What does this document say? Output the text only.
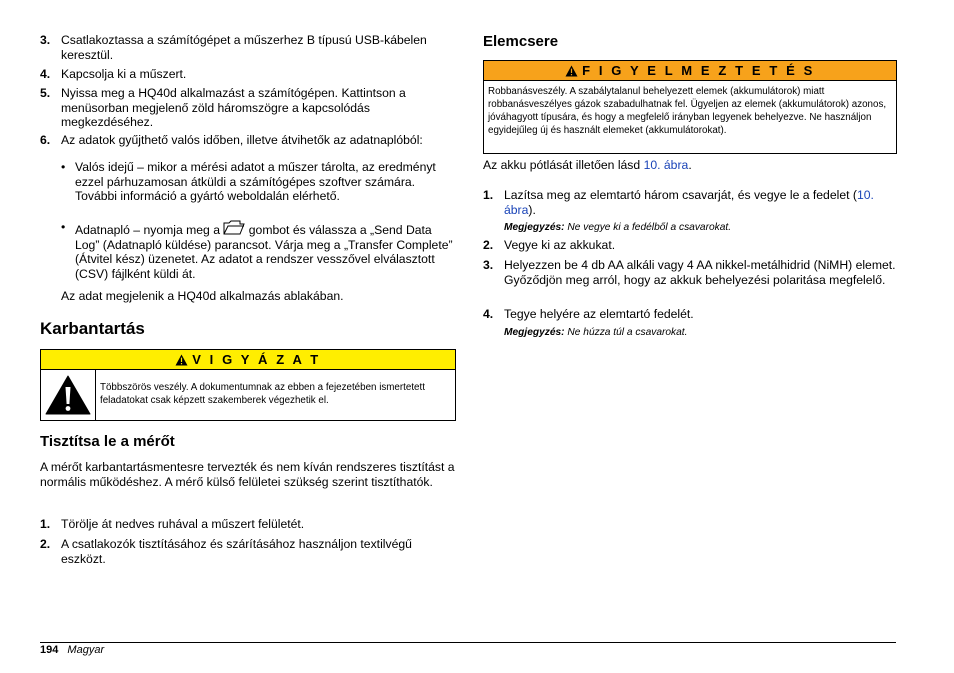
3. Csatlakoztassa a számítógépet a műszerhez B típusú USB-kábelen keresztül.
4. Kapcsolja ki a műszert.
5. Nyissa meg a HQ40d alkalmazást a számítógépen. Kattintson a menüsorban megjelenő zöld háromszögre a kapcsolódás megkezdéséhez.
6. Az adatok gyűjthető valós időben, illetve átvihetők az adatnaplóból:
• Valós idejű – mikor a mérési adatot a műszer tárolta, az eredményt ezzel párhuzamosan átküldi a számítógépes szoftver számára.
További információ a gyártó weboldalán elérhető.
• Adatnapló – nyomja meg a gombot és válassza a „Send Data Log” (Adatnapló küldése) parancsot. Várja meg a „Transfer Complete” (Átvitel kész) üzenetet. Az adatot a rendszer vesszővel elválasztott (CSV) fájlként küldi át.
Az adat megjelenik a HQ40d alkalmazás ablakában.
Karbantartás
V I G Y Á Z A T
Többszörös veszély. A dokumentumnak az ebben a fejezetében ismertetett feladatokat csak képzett szakemberek végezhetik el.
Tisztítsa le a mérőt
A mérőt karbantartásmentesre tervezték és nem kíván rendszeres tisztítást a normális működéshez. A mérő külső felületei szükség szerint tisztíthatók.
1. Törölje át nedves ruhával a műszert felületét.
2. A csatlakozók tisztításához és szárításához használjon textilvégű eszközt.
Elemcsere
F I G Y E L M E Z T E T É S
Robbanásveszély. A szabálytalanul behelyezett elemek (akkumulátorok) miatt robbanásveszélyes gázok szabadulhatnak fel. Ügyeljen az elemek (akkumulátorok) azonos, jóváhagyott típusára, és hogy a megfelelő irányban legyenek behelyezve. Ne használjon egyidejűleg új és használt elemeket (akkumulátorokat).
Az akku pótlását illetően lásd 10. ábra.
1. Lazítsa meg az elemtartó három csavarját, és vegye le a fedelet (10. ábra).
Megjegyzés: Ne vegye ki a fedélből a csavarokat.
2. Vegye ki az akkukat.
3. Helyezzen be 4 db AA alkáli vagy 4 AA nikkel-metálhidrid (NiMH) elemet. Győződjön meg arról, hogy az akkuk behelyezési polaritása megfelelő.
4. Tegye helyére az elemtartó fedelét.
Megjegyzés: Ne húzza túl a csavarokat.
194 Magyar
